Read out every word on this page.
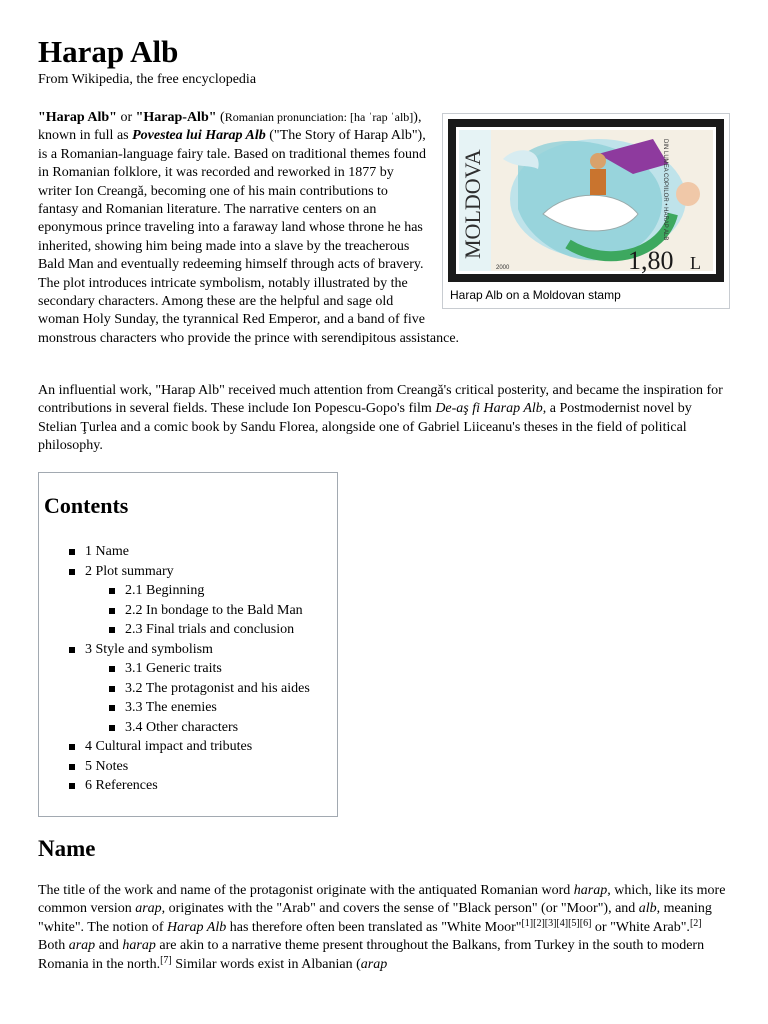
Harap Alb
From Wikipedia, the free encyclopedia

"Harap Alb" or "Harap-Alb" (Romanian pronunciation: [ha ˈrap ˈalb]), known in full as Povestea lui Harap Alb ("The Story of Harap Alb"), is a Romanian-language fairy tale. Based on traditional themes found in Romanian folklore, it was recorded and reworked in 1877 by writer Ion Creangă, becoming one of his main contributions to fantasy and Romanian literature. The narrative centers on an eponymous prince traveling into a faraway land whose throne he has inherited, showing him being made into a slave by the treacherous Bald Man and eventually redeeming himself through acts of bravery. The plot introduces intricate symbolism, notably illustrated by the secondary characters. Among these are the helpful and sage old woman Holy Sunday, the tyrannical Red Emperor, and a band of five monstrous characters who provide the prince with serendipitous assistance.

MOLDOVA	DIN LUMEA COPIILOR • HARAP ALB
1,80 L
2000
Harap Alb on a Moldovan stamp

An influential work, "Harap Alb" received much attention from Creangă's critical posterity, and became the inspiration for contributions in several fields. These include Ion Popescu-Gopo's film De-aş fi Harap Alb, a Postmodernist novel by Stelian Ţurlea and a comic book by Sandu Florea, alongside one of Gabriel Liiceanu's theses in the field of political philosophy.

Contents
1 Name
2 Plot summary
2.1 Beginning
2.2 In bondage to the Bald Man
2.3 Final trials and conclusion
3 Style and symbolism
3.1 Generic traits
3.2 The protagonist and his aides
3.3 The enemies
3.4 Other characters
4 Cultural impact and tributes
5 Notes
6 References
Name

The title of the work and name of the protagonist originate with the antiquated Romanian word harap, which, like its more common version arap, originates with the "Arab" and covers the sense of "Black person" (or "Moor"), and alb, meaning "white". The notion of Harap Alb has therefore often been translated as "White Moor"[1][2][3][4][5][6] or "White Arab".[2] Both arap and harap are akin to a narrative theme present throughout the Balkans, from Turkey in the south to modern Romania in the north.[7] Similar words exist in Albanian (arap
